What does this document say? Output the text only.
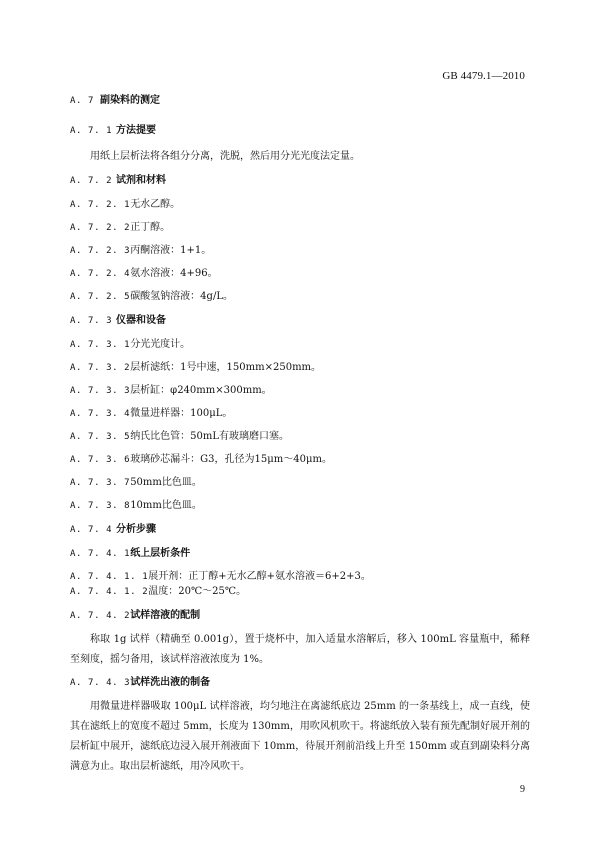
GB 4479.1—2010
A. 7 副染料的测定
A. 7. 1 方法提要
用纸上层析法将各组分分离，洗脱，然后用分光光度法定量。
A. 7. 2 试剂和材料
A. 7. 2. 1无水乙醇。
A. 7. 2. 2正丁醇。
A. 7. 2. 3丙酮溶液：1+1。
A. 7. 2. 4氨水溶液：4+96。
A. 7. 2. 5碳酸氢钠溶液：4g/L。
A. 7. 3 仪器和设备
A. 7. 3. 1分光光度计。
A. 7. 3. 2层析滤纸：1号中速，150mm×250mm。
A. 7. 3. 3层析缸：φ240mm×300mm。
A. 7. 3. 4微量进样器：100μL。
A. 7. 3. 5纳氏比色管：50mL有玻璃磨口塞。
A. 7. 3. 6玻璃砂芯漏斗：G3，孔径为15μm～40μm。
A. 7. 3. 750mm比色皿。
A. 7. 3. 810mm比色皿。
A. 7. 4 分析步骤
A. 7. 4. 1纸上层析条件
A. 7. 4. 1. 1展开剂：正丁醇+无水乙醇+氨水溶液＝6+2+3。
A. 7. 4. 1. 2温度：20℃～25℃。
A. 7. 4. 2试样溶液的配制
称取 1g 试样（精确至 0.001g），置于烧杯中，加入适量水溶解后，移入 100mL 容量瓶中，稀释至刻度，摇匀备用，该试样溶液浓度为 1%。
A. 7. 4. 3试样洗出液的制备
用微量进样器吸取 100μL 试样溶液，均匀地注在离滤纸底边 25mm 的一条基线上，成一直线，使其在滤纸上的宽度不超过 5mm，长度为 130mm，用吹风机吹干。将滤纸放入装有预先配制好展开剂的层析缸中展开，滤纸底边浸入展开剂液面下 10mm，待展开剂前沿线上升至 150mm 或直到副染料分离满意为止。取出层析滤纸，用冷风吹干。
9
